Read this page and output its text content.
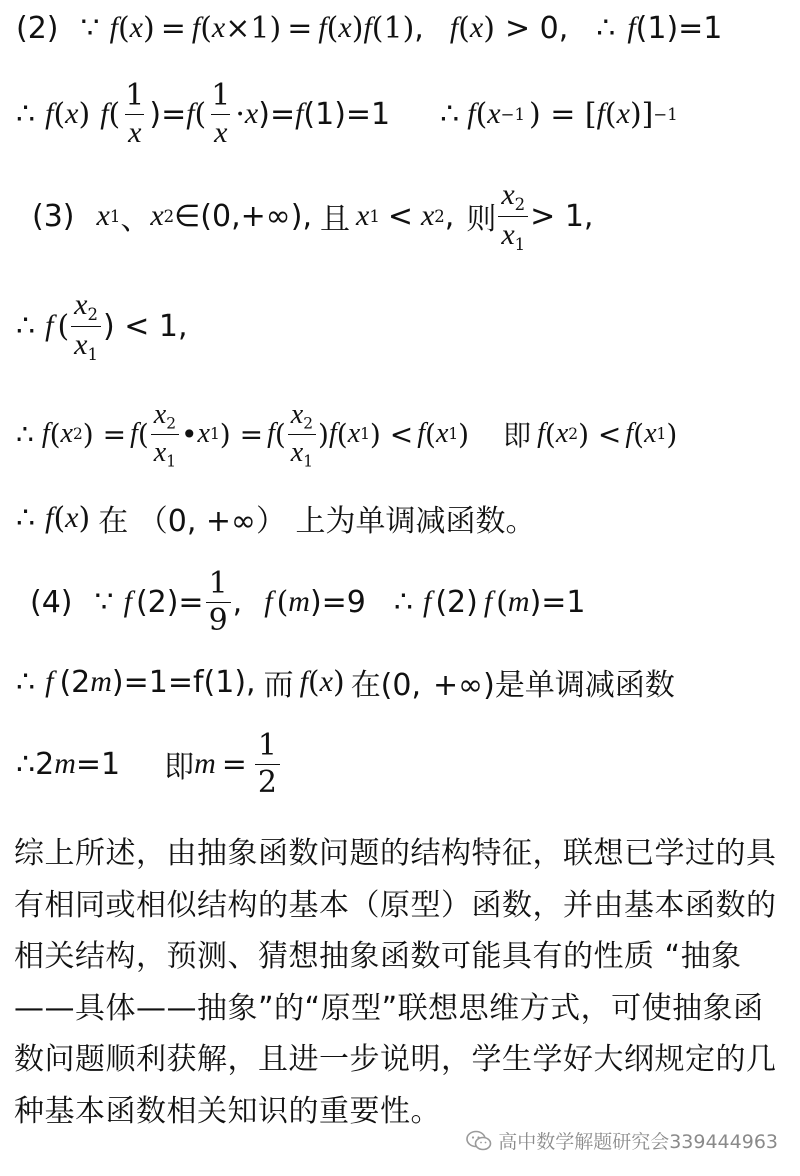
(2) ∵ f ( x ) = f ( x ×1 ) = f ( x ) f (1) , f ( x ) > 0, ∴ f (1)=1
∴ f ( x ) f ( $\frac{1}{x}$ )= f ( $\frac{1}{x} \cdot x$ )= f (1)=1 ∴ f ( x −1 ) = [ f ( x )] −1
(3) x 1 、 x 2 ∈(0,+∞), 且 x 1 < x 2 , 则 $\frac{x_2}{x_1} > 1$,
∴ f ( $\frac{x_2}{x_1}$ ) < 1,
∴ f ( x 2 ) = f ( $\frac{x_2}{x_1}$ • x 1 ) = f ( $\frac{x_2}{x_1}$ ) f ( x 1 ) < f ( x 1 ) 即 f ( x 2 ) < f ( x 1 )
∴ f ( x ) 在 （0, +∞） 上为单调减函数。
(4) ∵ f $(2)= \frac{1}{9}$ , f ( m )=9 ∴ f (2) f ( m )=1
∴ f (2 m )=1=f(1), 而 f ( x ) 在(0, +∞)是单调减函数
∴2 m =1 即 $m = \frac{1}{2}$
综上所述，由抽象函数问题的结构特征，联想已学过的具有相同或相似结构的基本（原型）函数，并由基本函数的相关结构，预测、猜想抽象函数可能具有的性质 “抽象——具体——抽象”的“原型”联想思维方式，可使抽象函数问题顺利获解，且进一步说明，学生学好大纲规定的几种基本函数相关知识的重要性。
高中数学解题研究会339444963
